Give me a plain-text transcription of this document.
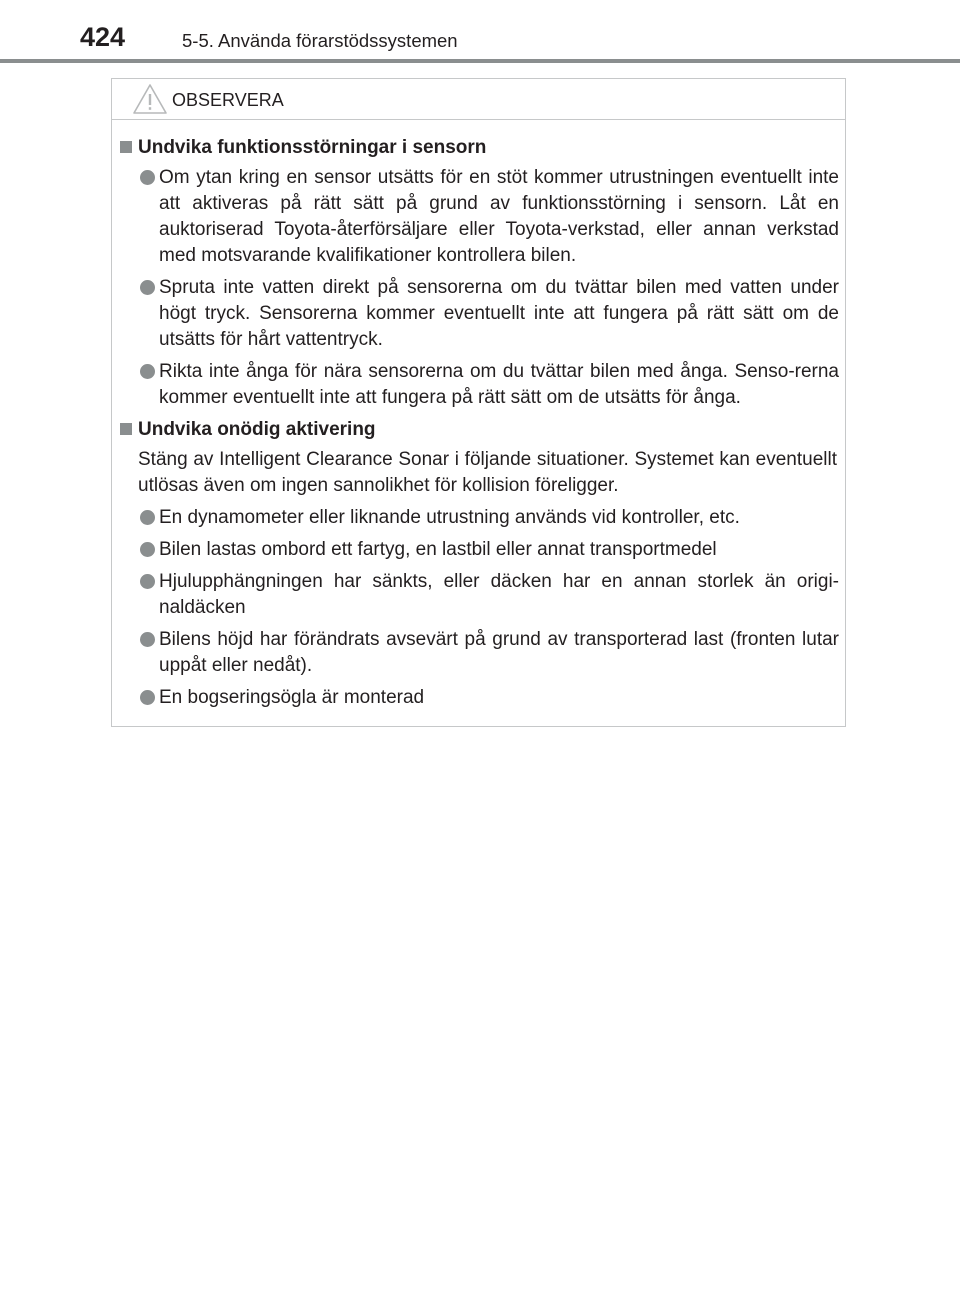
424	5-5. Använda förarstödssystemen
OBSERVERA
Undvika funktionsstörningar i sensorn
Om ytan kring en sensor utsätts för en stöt kommer utrustningen eventuellt inte att aktiveras på rätt sätt på grund av funktionsstörning i sensorn. Låt en auktoriserad Toyota-återförsäljare eller Toyota-verkstad, eller annan verkstad med motsvarande kvalifikationer kontrollera bilen.
Spruta inte vatten direkt på sensorerna om du tvättar bilen med vatten under högt tryck. Sensorerna kommer eventuellt inte att fungera på rätt sätt om de utsätts för hårt vattentryck.
Rikta inte ånga för nära sensorerna om du tvättar bilen med ånga. Senso-rerna kommer eventuellt inte att fungera på rätt sätt om de utsätts för ånga.
Undvika onödig aktivering
Stäng av Intelligent Clearance Sonar i följande situationer. Systemet kan eventuellt utlösas även om ingen sannolikhet för kollision föreligger.
En dynamometer eller liknande utrustning används vid kontroller, etc.
Bilen lastas ombord ett fartyg, en lastbil eller annat transportmedel
Hjulupphängningen har sänkts, eller däcken har en annan storlek än origi-naldäcken
Bilens höjd har förändrats avsevärt på grund av transporterad last (fronten lutar uppåt eller nedåt).
En bogseringsögla är monterad
